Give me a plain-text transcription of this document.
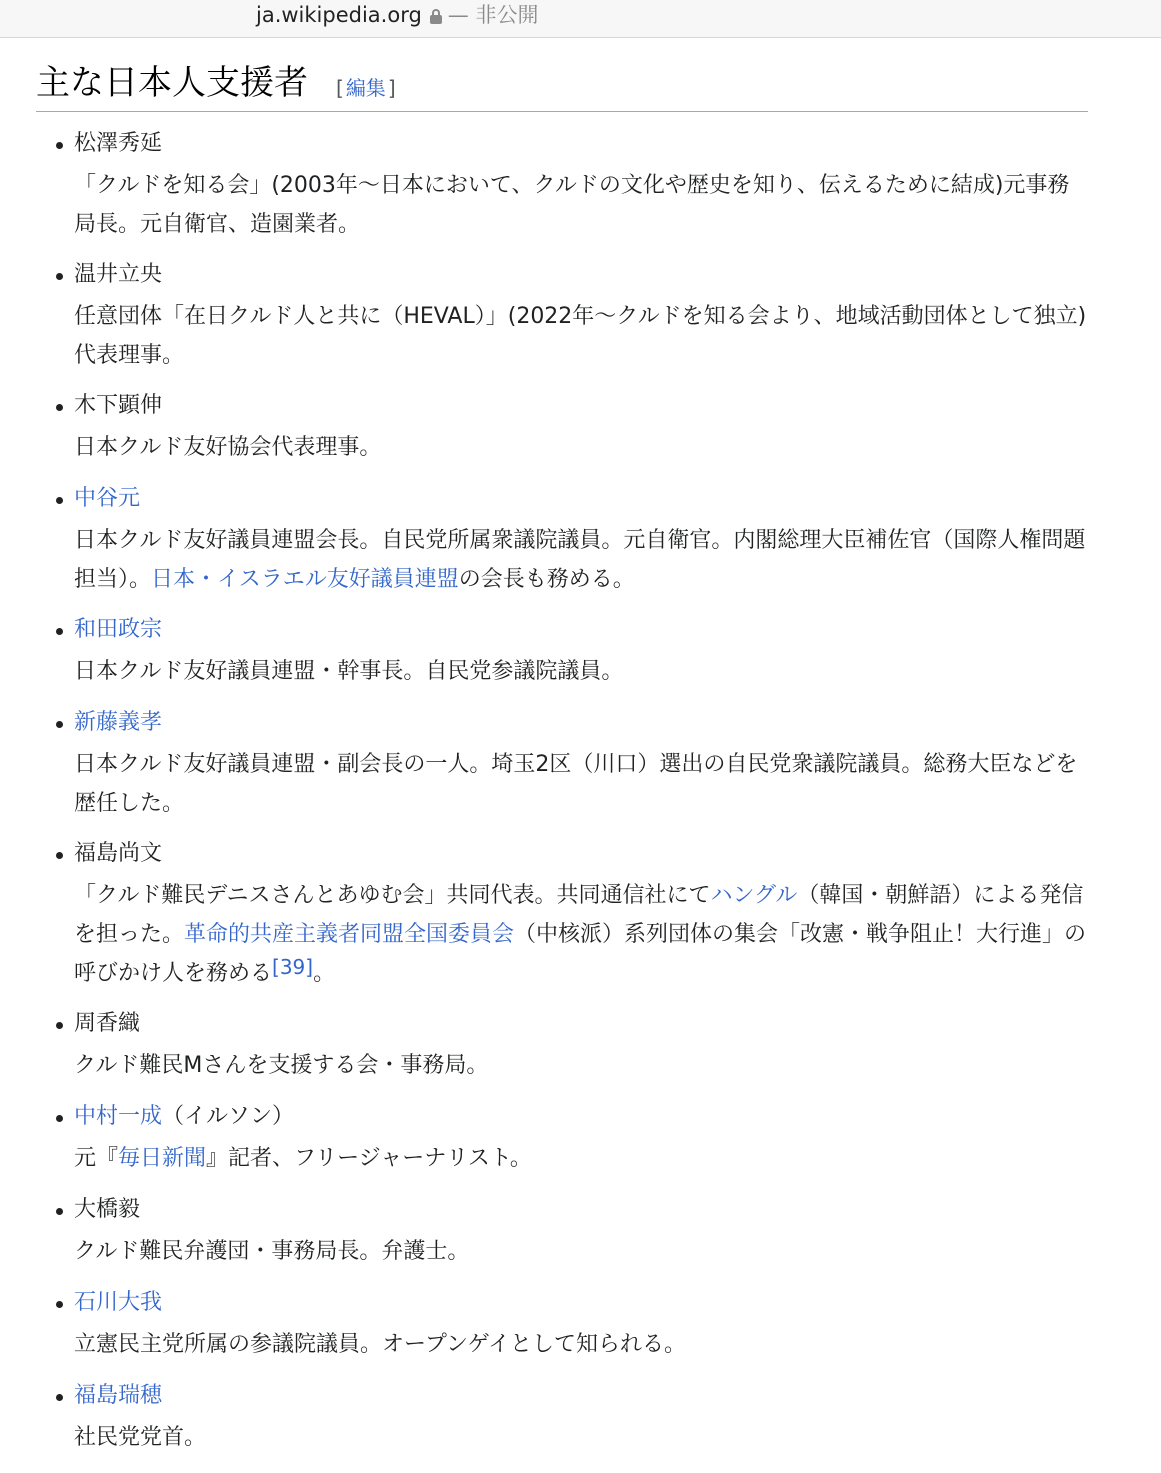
ja.wikipedia.org — 非公開
主な日本人支援者 [ 編集 ]
松澤秀延
「クルドを知る会」(2003年〜日本において、クルドの文化や歴史を知り、伝えるために結成)元事務局長。元自衛官、造園業者。
温井立央
任意団体「在日クルド人と共に（HEVAL）」(2022年〜クルドを知る会より、地域活動団体として独立)代表理事。
木下顕伸
日本クルド友好協会代表理事。
中谷元
日本クルド友好議員連盟会長。自民党所属衆議院議員。元自衛官。内閣総理大臣補佐官（国際人権問題担当）。日本・イスラエル友好議員連盟の会長も務める。
和田政宗
日本クルド友好議員連盟・幹事長。自民党参議院議員。
新藤義孝
日本クルド友好議員連盟・副会長の一人。埼玉2区（川口）選出の自民党衆議院議員。総務大臣などを歴任した。
福島尚文
「クルド難民デニスさんとあゆむ会」共同代表。共同通信社にてハングル（韓国・朝鮮語）による発信を担った。革命的共産主義者同盟全国委員会（中核派）系列団体の集会「改憲・戦争阻止！大行進」の呼びかけ人を務める[39]。
周香織
クルド難民Mさんを支援する会・事務局。
中村一成（イルソン）
元『毎日新聞』記者、フリージャーナリスト。
大橋毅
クルド難民弁護団・事務局長。弁護士。
石川大我
立憲民主党所属の参議院議員。オープンゲイとして知られる。
福島瑞穂
社民党党首。
